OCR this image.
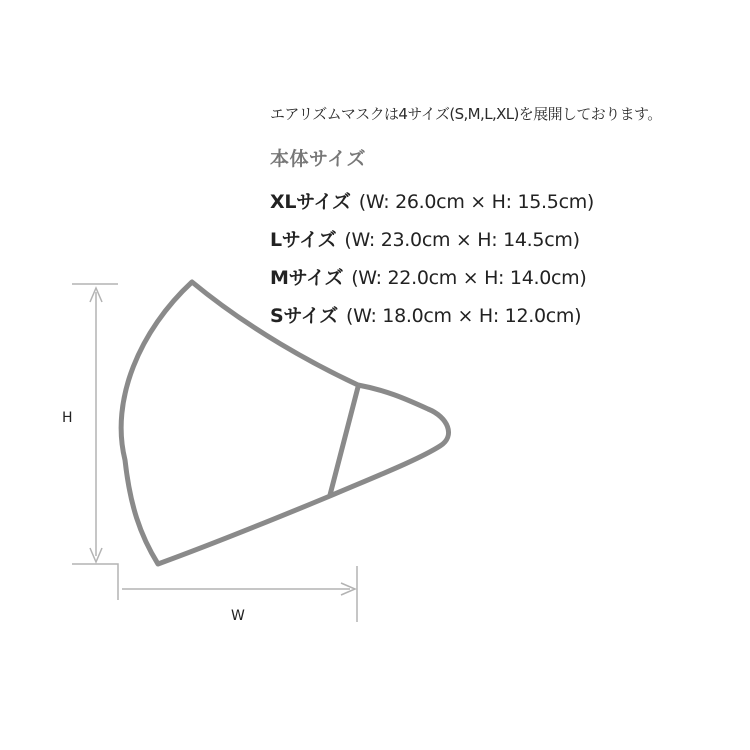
エアリズムマスクは4サイズ(S,M,L,XL)を展開しております。
本体サイズ
XLサイズ (W: 26.0cm × H: 15.5cm)
Lサイズ (W: 23.0cm × H: 14.5cm)
Mサイズ (W: 22.0cm × H: 14.0cm)
Sサイズ (W: 18.0cm × H: 12.0cm)
H
W
